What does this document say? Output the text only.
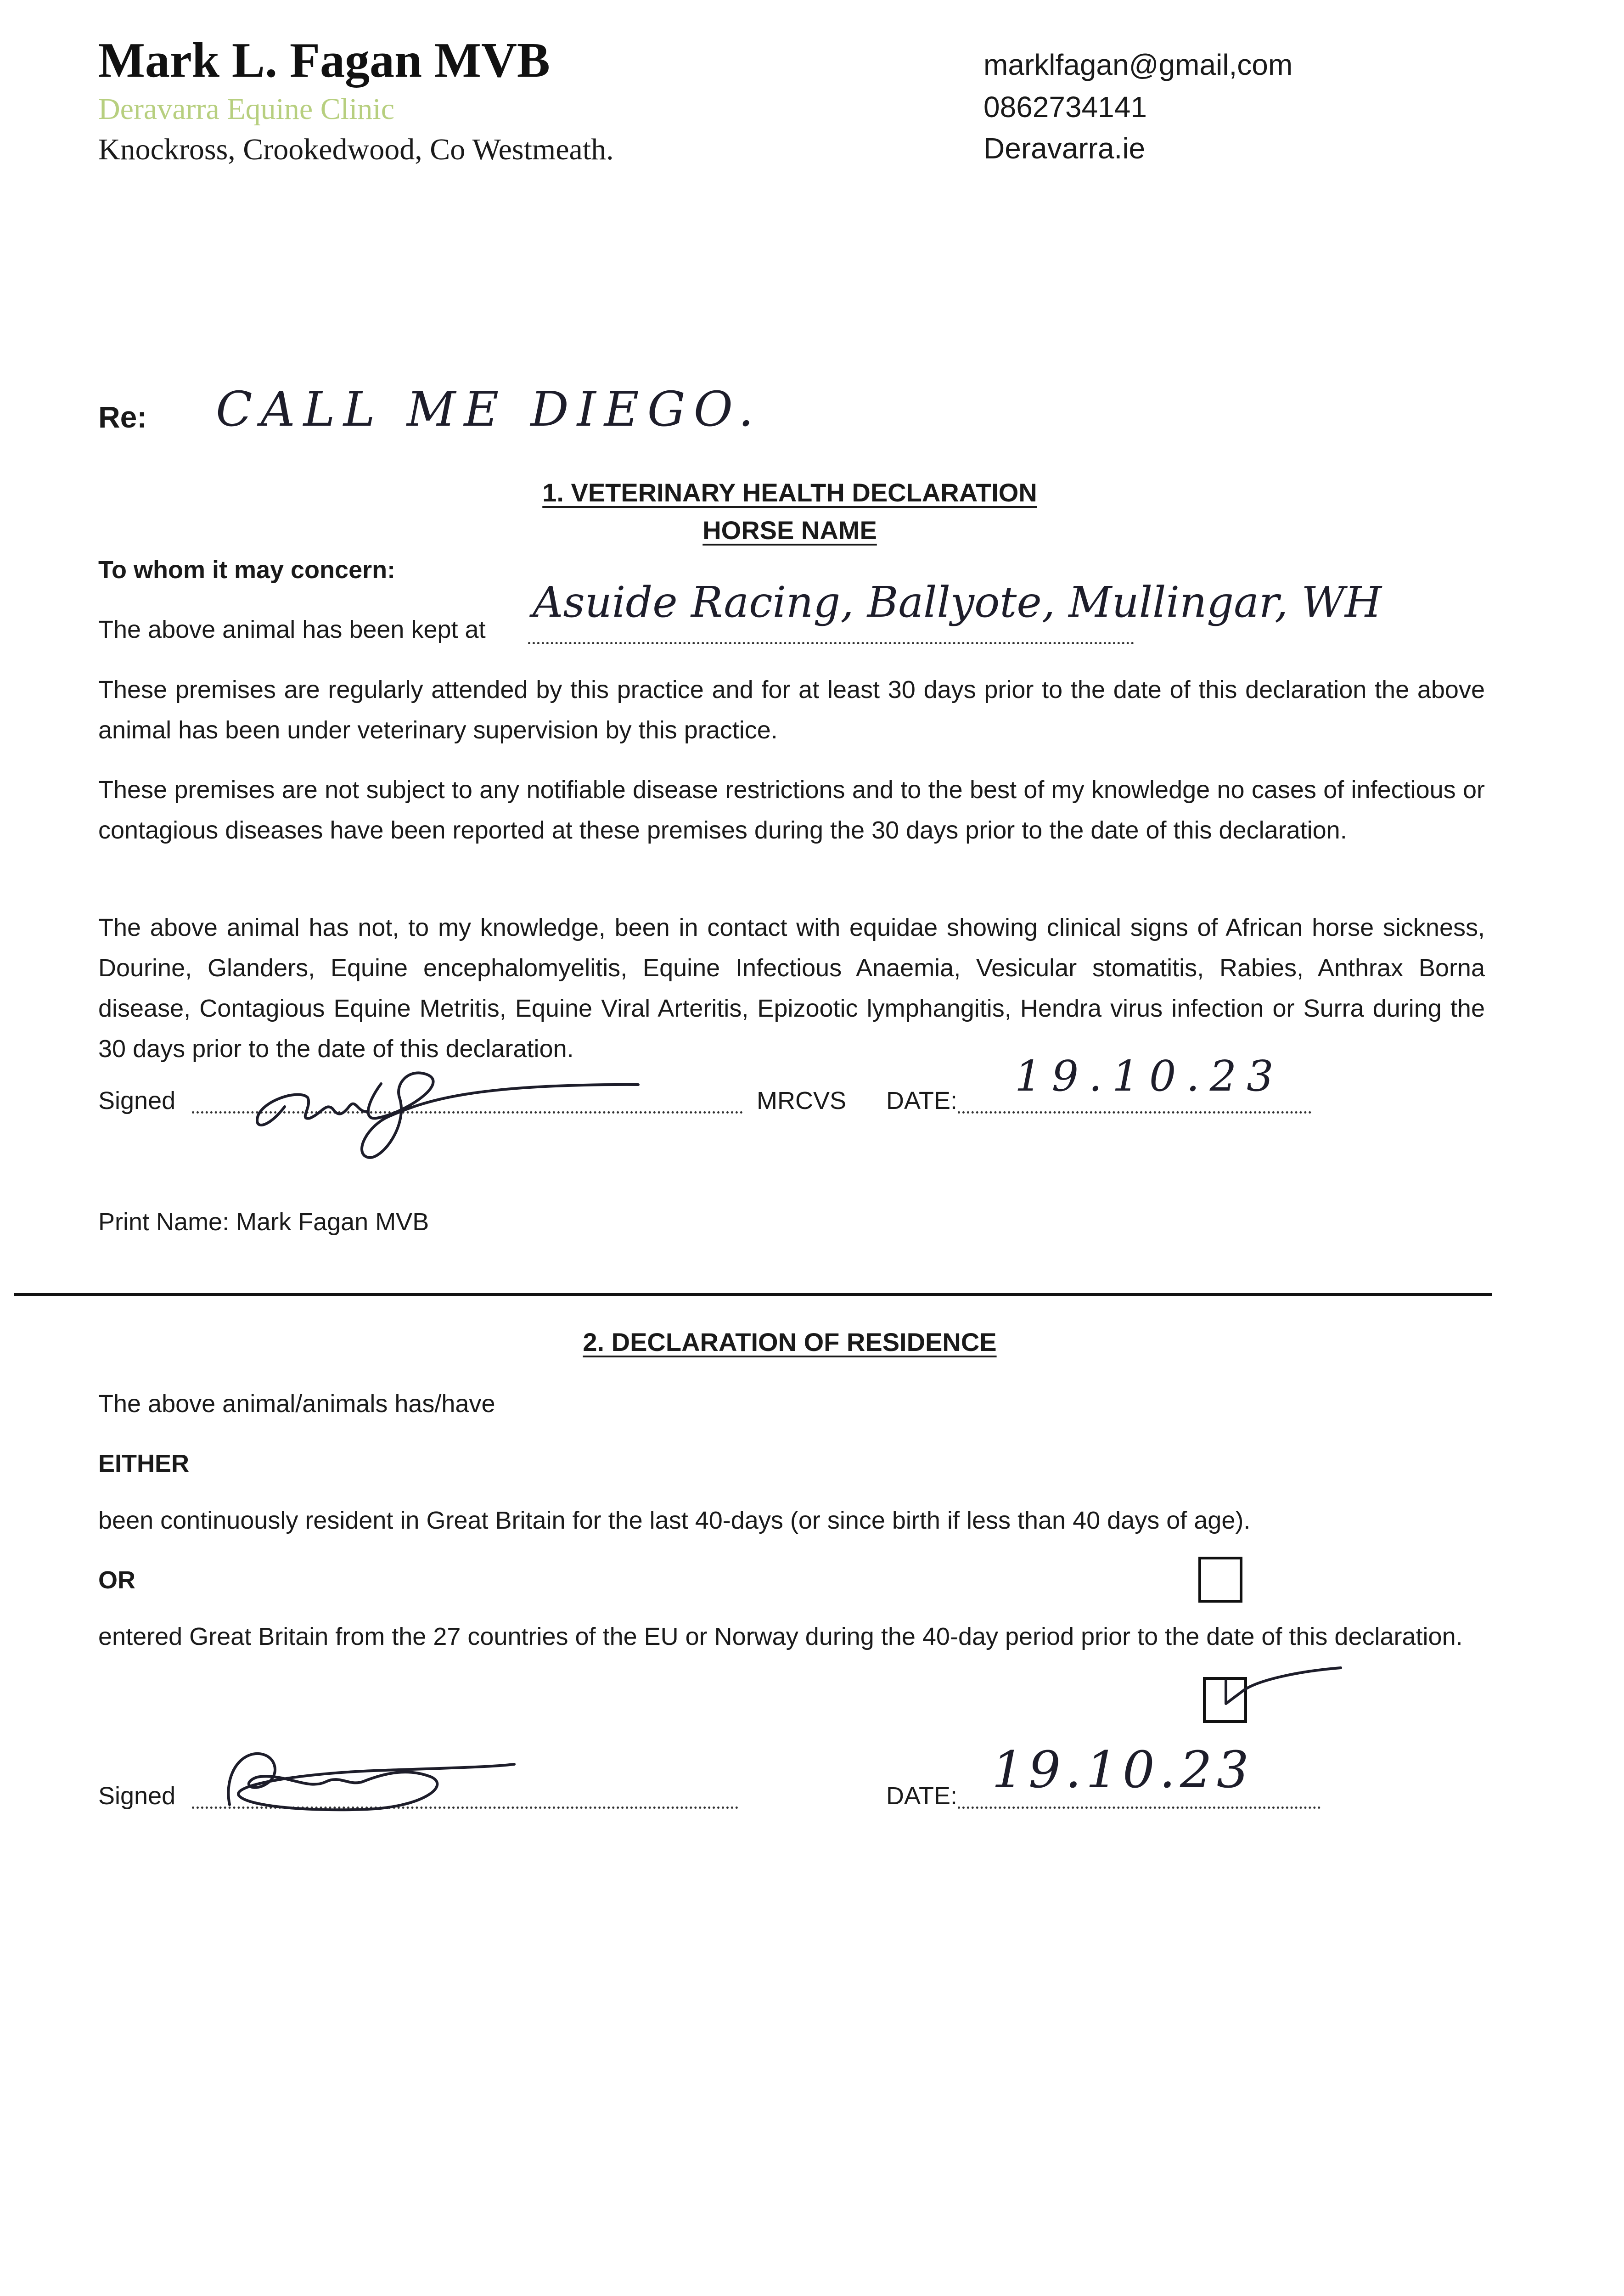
Mark L. Fagan MVB
Deravarra Equine Clinic
Knockross, Crookedwood, Co Westmeath.
marklfagan@gmail,com
0862734141
Deravarra.ie
Re: CALL ME DIEGO.
1. VETERINARY HEALTH DECLARATION
HORSE NAME
To whom it may concern:
The above animal has been kept at
Asuide Racing, Ballyote, Mullingar, WH
These premises are regularly attended by this practice and for at least 30 days prior to the date of this declaration the above animal has been under veterinary supervision by this practice.
These premises are not subject to any notifiable disease restrictions and to the best of my knowledge no cases of infectious or contagious diseases have been reported at these premises during the 30 days prior to the date of this declaration.
The above animal has not, to my knowledge, been in contact with equidae showing clinical signs of African horse sickness, Dourine, Glanders, Equine encephalomyelitis, Equine Infectious Anaemia, Vesicular stomatitis, Rabies, Anthrax Borna disease, Contagious Equine Metritis, Equine Viral Arteritis, Epizootic lymphangitis, Hendra virus infection or Surra during the 30 days prior to the date of this declaration.
Signed	MRCVS DATE: 19.10.23
Print Name: Mark Fagan MVB
2. DECLARATION OF RESIDENCE
The above animal/animals has/have
EITHER
been continuously resident in Great Britain for the last 40-days (or since birth if less than 40 days of age).
OR
entered Great Britain from the 27 countries of the EU or Norway during the 40-day period prior to the date of this declaration.
Signed	DATE: 19.10.23
